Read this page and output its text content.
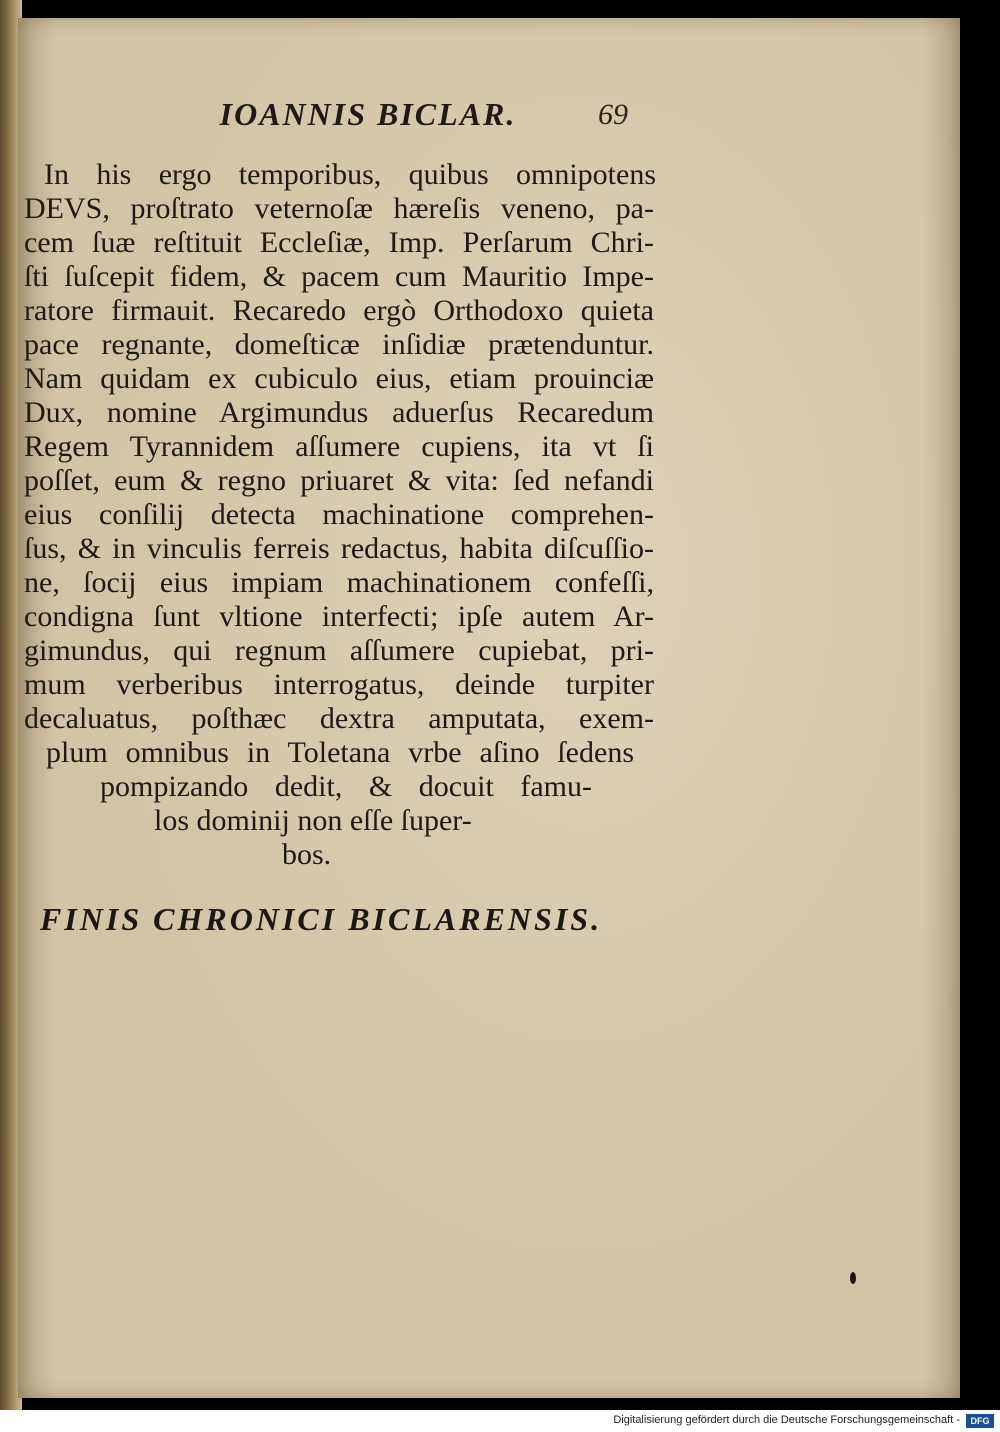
IOANNIS BICLAR.	69
In his ergo temporibus, quibus omnipotens
DEVS, proſtrato veternoſæ hæreſis veneno, pa-
cem ſuæ reſtituit Eccleſiæ, Imp. Perſarum Chri-
ſti ſuſcepit fidem, & pacem cum Mauritio Impe-
ratore firmauit. Recaredo ergò Orthodoxo quieta
pace regnante, domeſticæ inſidiæ prætenduntur.
Nam quidam ex cubiculo eius, etiam prouinciæ
Dux, nomine Argimundus aduerſus Recaredum
Regem Tyrannidem aſſumere cupiens, ita vt ſi
poſſet, eum & regno priuaret & vita: ſed nefandi
eius conſilij detecta machinatione comprehen-
ſus, & in vinculis ferreis redactus, habita diſcuſſio-
ne, ſocij eius impiam machinationem confeſſi,
condigna ſunt vltione interfecti; ipſe autem Ar-
gimundus, qui regnum aſſumere cupiebat, pri-
mum verberibus interrogatus, deinde turpiter
decaluatus, poſthæc dextra amputata, exem-
plum omnibus in Toletana vrbe aſino ſedens
pompizando dedit, & docuit famu-
los dominij non eſſe ſuper-
bos.
FINIS CHRONICI BICLARENSIS.
Digitalisierung gefördert durch die Deutsche Forschungsgemeinschaft -	DFG
